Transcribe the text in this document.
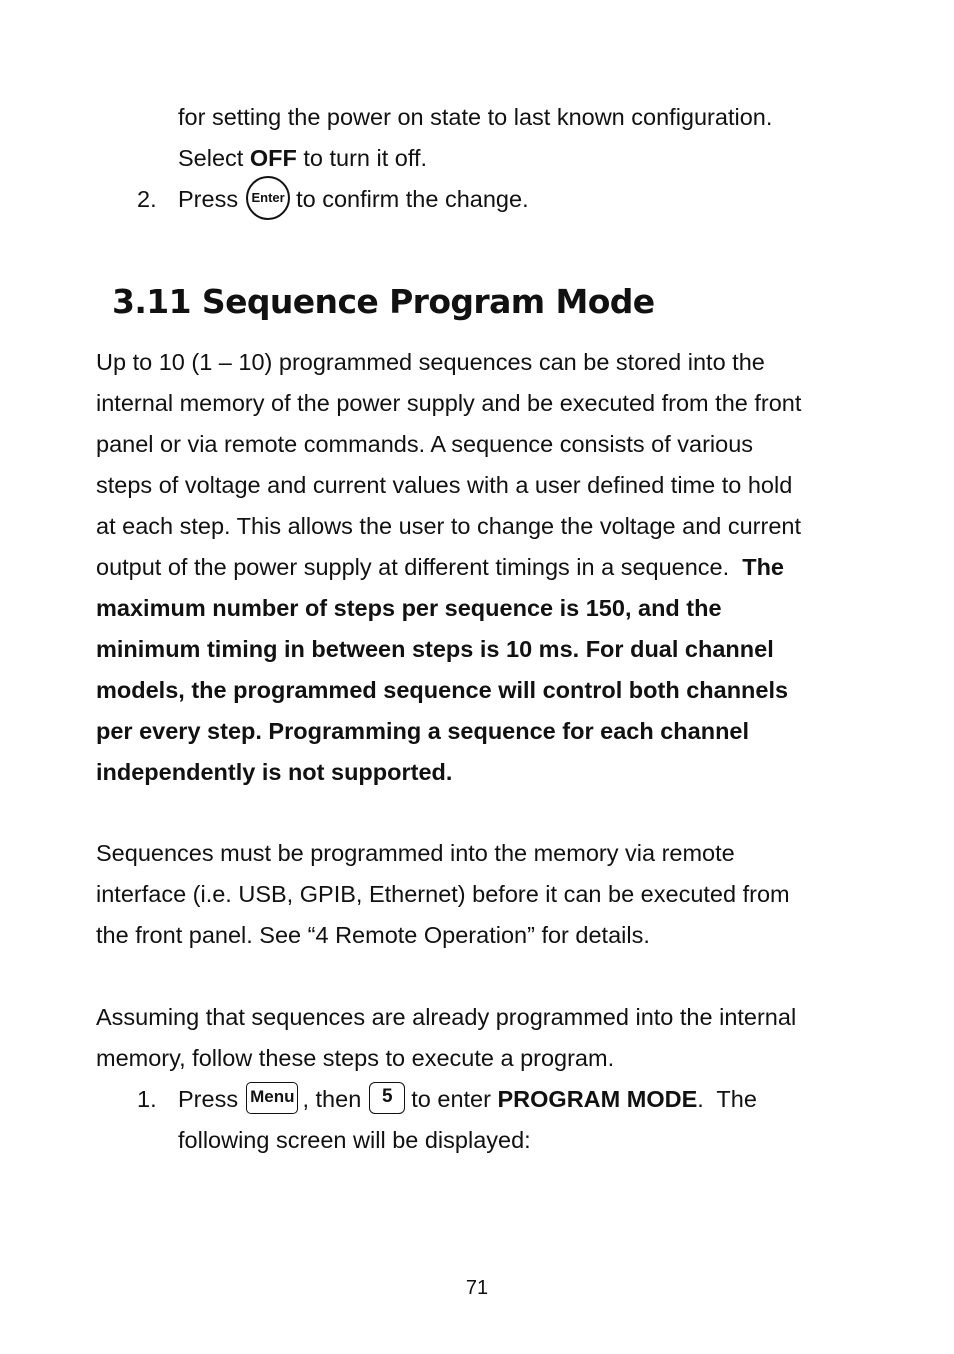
for setting the power on state to last known configuration.
Select OFF to turn it off.
2. Press Enter to confirm the change.
3.11 Sequence Program Mode
Up to 10 (1 – 10) programmed sequences can be stored into the
internal memory of the power supply and be executed from the front
panel or via remote commands. A sequence consists of various
steps of voltage and current values with a user defined time to hold
at each step. This allows the user to change the voltage and current
output of the power supply at different timings in a sequence.  The
maximum number of steps per sequence is 150, and the
minimum timing in between steps is 10 ms. For dual channel
models, the programmed sequence will control both channels
per every step. Programming a sequence for each channel
independently is not supported.
Sequences must be programmed into the memory via remote
interface (i.e. USB, GPIB, Ethernet) before it can be executed from
the front panel. See “4 Remote Operation” for details.
Assuming that sequences are already programmed into the internal
memory, follow these steps to execute a program.
1. Press Menu , then 5 to enter PROGRAM MODE.  The
following screen will be displayed:
71
